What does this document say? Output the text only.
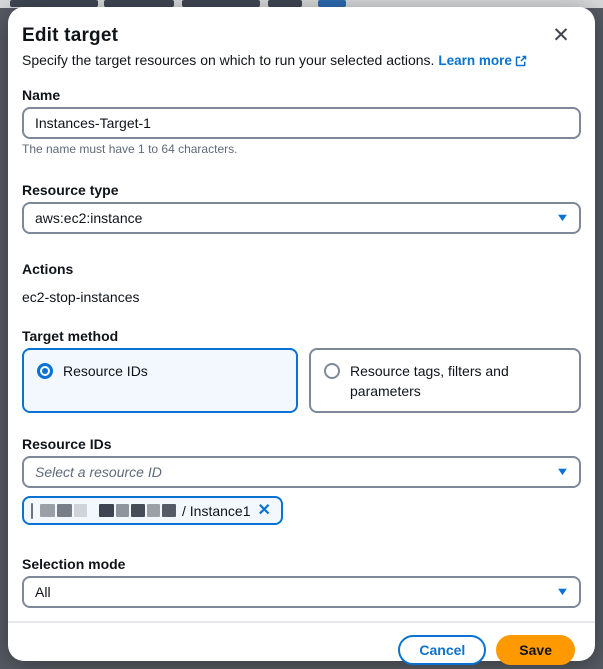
Edit target	✕
Specify the target resources on which to run your selected actions. Learn more
Name
Instances-Target-1
The name must have 1 to 64 characters.
Resource type
aws:ec2:instance	▼
Actions
ec2-stop-instances
Target method
Resource IDs	Resource tags, filters and parameters
Resource IDs
Select a resource ID	▼
/ Instance1 ✕
Selection mode
All	▼
Cancel	Save
